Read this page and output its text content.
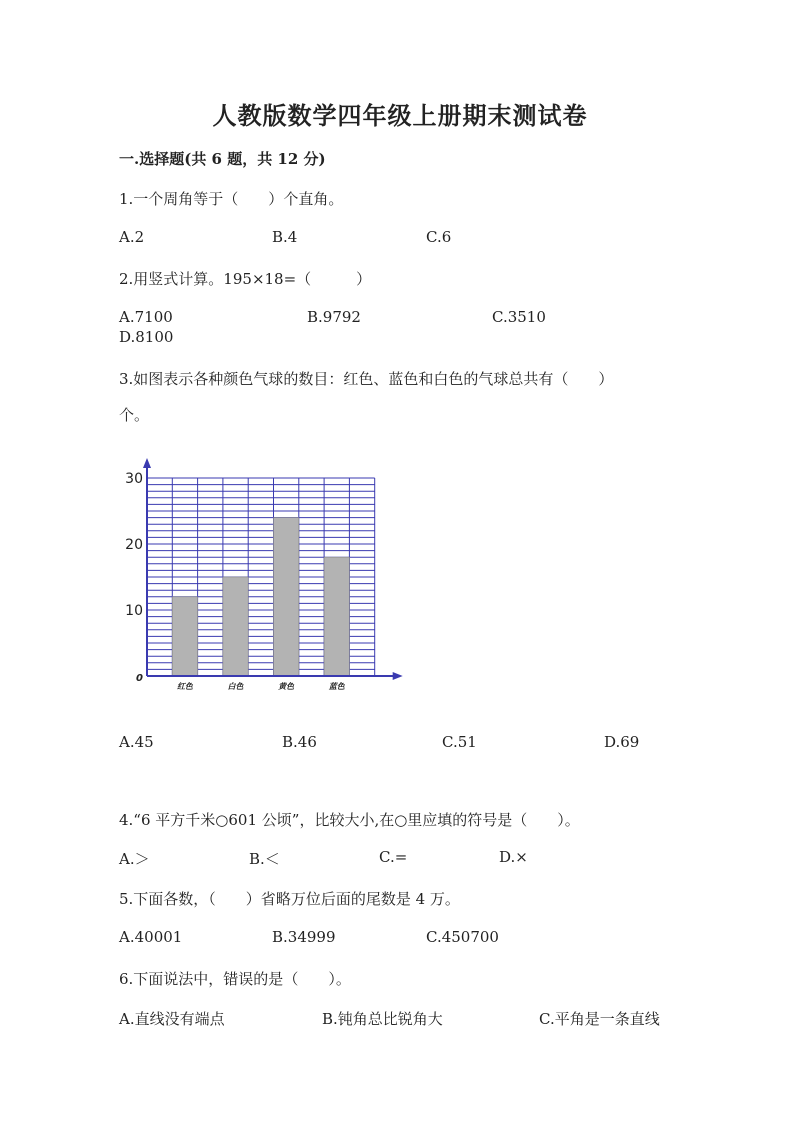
人教版数学四年级上册期末测试卷
一.选择题(共 6 题，共 12 分)
1.一个周角等于（　　）个直角。
A.2	B.4	C.6
2.用竖式计算。195×18=（　　　）
A.7100	B.9792	C.3510
D.8100
3.如图表示各种颜色气球的数目：红色、蓝色和白色的气球总共有（　　）
个。
0
10
20
30
红色	白色	黄色	蓝色
A.45	B.46	C.51	D.69
4.“6 平方千米○601 公顷”，比较大小,在○里应填的符号是（　　）。
A.＞	B.＜	C.=	D.×
5.下面各数，（　　）省略万位后面的尾数是 4 万。
A.40001	B.34999	C.450700
6.下面说法中，错误的是（　　）。
A.直线没有端点	B.钝角总比锐角大	C.平角是一条直线
